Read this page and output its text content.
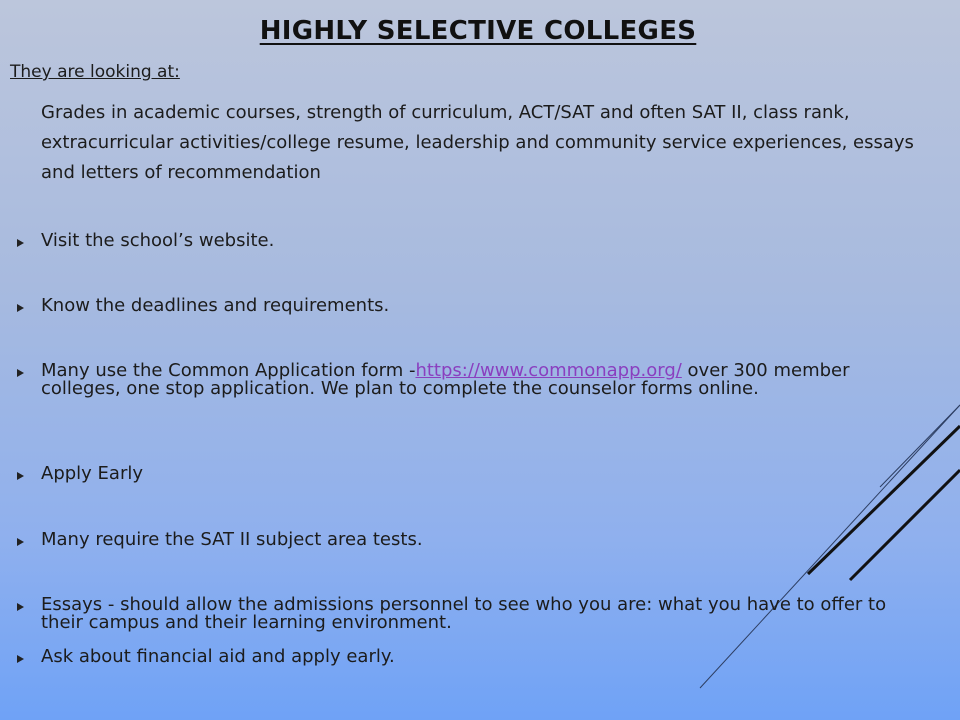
HIGHLY SELECTIVE COLLEGES
They are looking at:
Grades in academic courses, strength of curriculum, ACT/SAT and often SAT II, class rank, extracurricular activities/college resume, leadership and community service experiences, essays and letters of recommendation
Visit the school’s website.
Know the deadlines and requirements.
Many use the Common Application form -https://www.commonapp.org/ over 300 member colleges, one stop application. We plan to complete the counselor forms online.
Apply Early
Many require the SAT II subject area tests.
Essays - should allow the admissions personnel to see who you are: what you have to offer to their campus and their learning environment.
Ask about financial aid and apply early.
